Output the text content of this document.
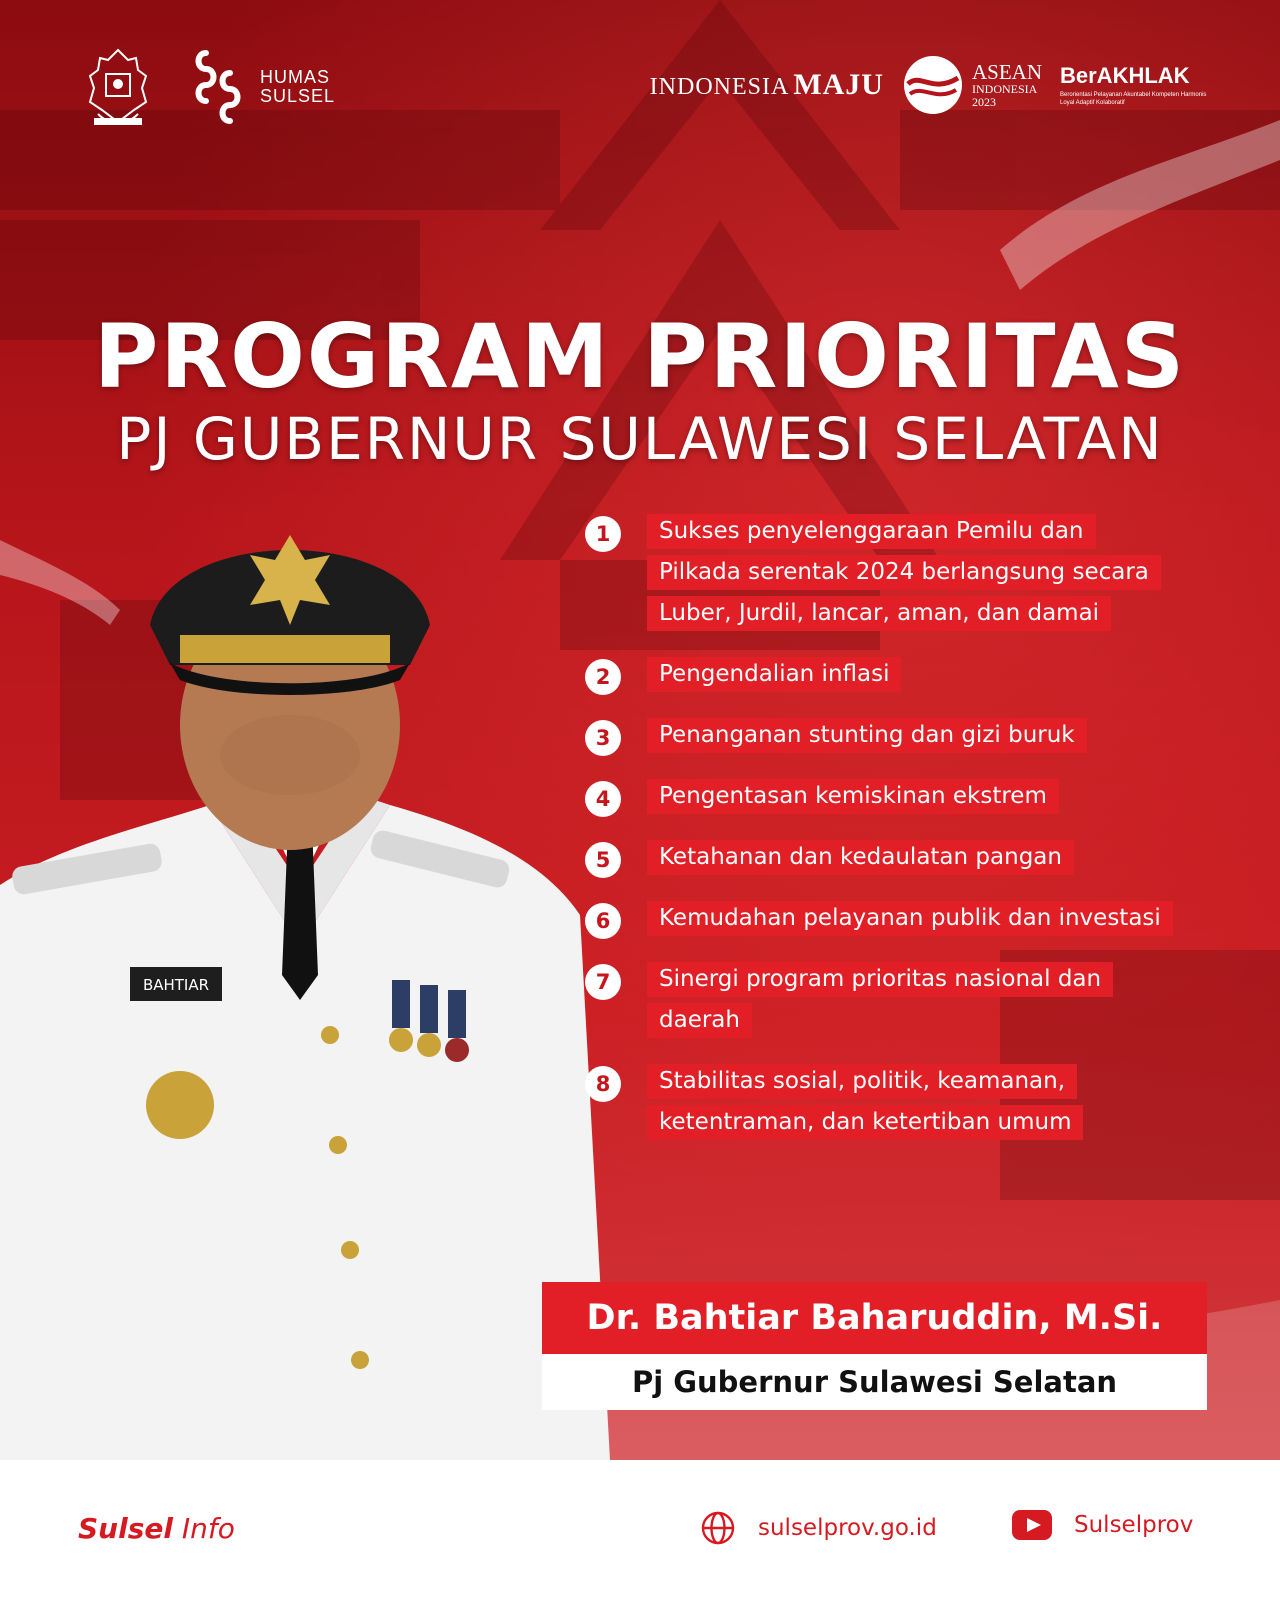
HUMAS
SULSEL	INDONESIA MAJU	ASEAN
INDONESIA
2023
BerAKHLAK
Berorientasi Pelayanan Akuntabel Kompeten Harmonis Loyal Adaptif Kolaboratif
PROGRAM PRIORITAS
PJ GUBERNUR SULAWESI SELATAN
BAHTIAR
1	Sukses penyelenggaraan Pemilu dan
Pilkada serentak 2024 berlangsung secara
Luber, Jurdil, lancar, aman, dan damai
2	Pengendalian inflasi
3	Penanganan stunting dan gizi buruk
4	Pengentasan kemiskinan ekstrem
5	Ketahanan dan kedaulatan pangan
6	Kemudahan pelayanan publik dan investasi
7	Sinergi program prioritas nasional dan
daerah
8	Stabilitas sosial, politik, keamanan,
ketentraman, dan ketertiban umum
Dr. Bahtiar Baharuddin, M.Si.
Pj Gubernur Sulawesi Selatan
Sulsel Info	sulselprov.go.id	Sulselprov
